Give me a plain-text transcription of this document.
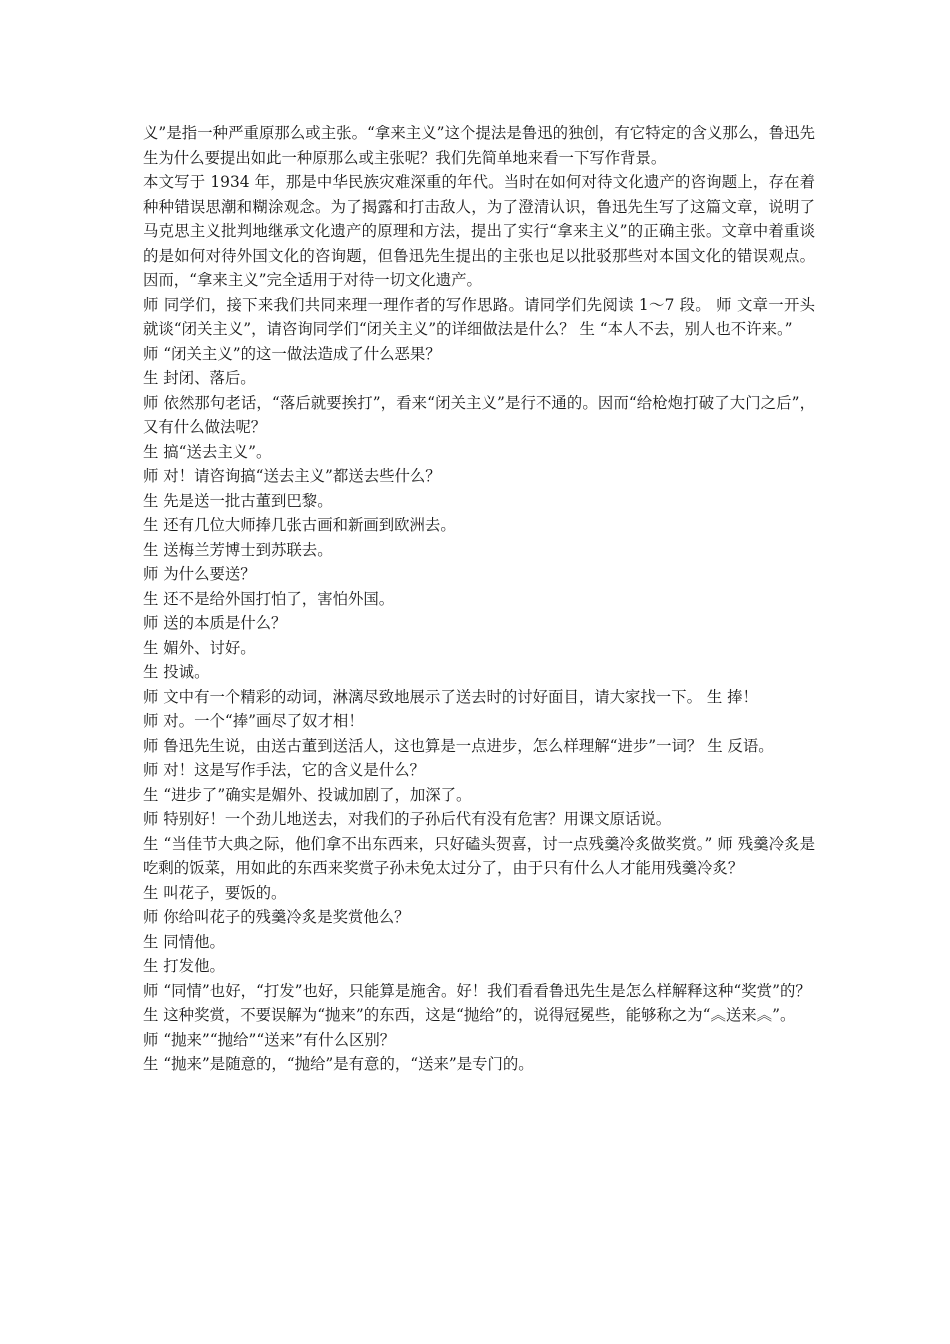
义”是指一种严重原那么或主张。“拿来主义”这个提法是鲁迅的独创，有它特定的含义那么，鲁迅先生为什么要提出如此一种原那么或主张呢？我们先简单地来看一下写作背景。

本文写于 1934 年，那是中华民族灾难深重的年代。当时在如何对待文化遗产的咨询题上，存在着种种错误思潮和糊涂观念。为了揭露和打击敌人，为了澄清认识，鲁迅先生写了这篇文章，说明了马克思主义批判地继承文化遗产的原理和方法，提出了实行“拿来主义”的正确主张。文章中着重谈的是如何对待外国文化的咨询题，但鲁迅先生提出的主张也足以批驳那些对本国文化的错误观点。因而，“拿来主义”完全适用于对待一切文化遗产。

师 同学们，接下来我们共同来理一理作者的写作思路。请同学们先阅读 1～7 段。 师 文章一开头就谈“闭关主义”，请咨询同学们“闭关主义”的详细做法是什么？ 生 “本人不去，别人也不许来。”

师 “闭关主义”的这一做法造成了什么恶果？

生 封闭、落后。

师 依然那句老话，“落后就要挨打”，看来“闭关主义”是行不通的。因而“给枪炮打破了大门之后”，又有什么做法呢？

生 搞“送去主义”。

师 对！请咨询搞“送去主义”都送去些什么？

生 先是送一批古董到巴黎。

生 还有几位大师捧几张古画和新画到欧洲去。

生 送梅兰芳博士到苏联去。

师 为什么要送？

生 还不是给外国打怕了，害怕外国。

师 送的本质是什么？

生 媚外、讨好。

生 投诚。

师 文中有一个精彩的动词，淋漓尽致地展示了送去时的讨好面目，请大家找一下。 生 捧！

师 对。一个“捧”画尽了奴才相！

师 鲁迅先生说，由送古董到送活人，这也算是一点进步，怎么样理解“进步”一词？ 生 反语。

师 对！这是写作手法，它的含义是什么？

生 “进步了”确实是媚外、投诚加剧了，加深了。

师 特别好！一个劲儿地送去，对我们的子孙后代有没有危害？用课文原话说。

生 “当佳节大典之际，他们拿不出东西来，只好磕头贺喜，讨一点残羹冷炙做奖赏。” 师 残羹冷炙是吃剩的饭菜，用如此的东西来奖赏子孙未免太过分了，由于只有什么人才能用残羹冷炙？

生 叫花子，要饭的。

师 你给叫花子的残羹冷炙是奖赏他么？

生 同情他。

生 打发他。

师 “同情”也好，“打发”也好，只能算是施舍。好！我们看看鲁迅先生是怎么样解释这种“奖赏”的？

生 这种奖赏，不要误解为“抛来”的东西，这是“抛给”的，说得冠冕些，能够称之为“︽送来︽”。

师 “抛来”“抛给”“送来”有什么区别？

生 “抛来”是随意的，“抛给”是有意的，“送来”是专门的。
